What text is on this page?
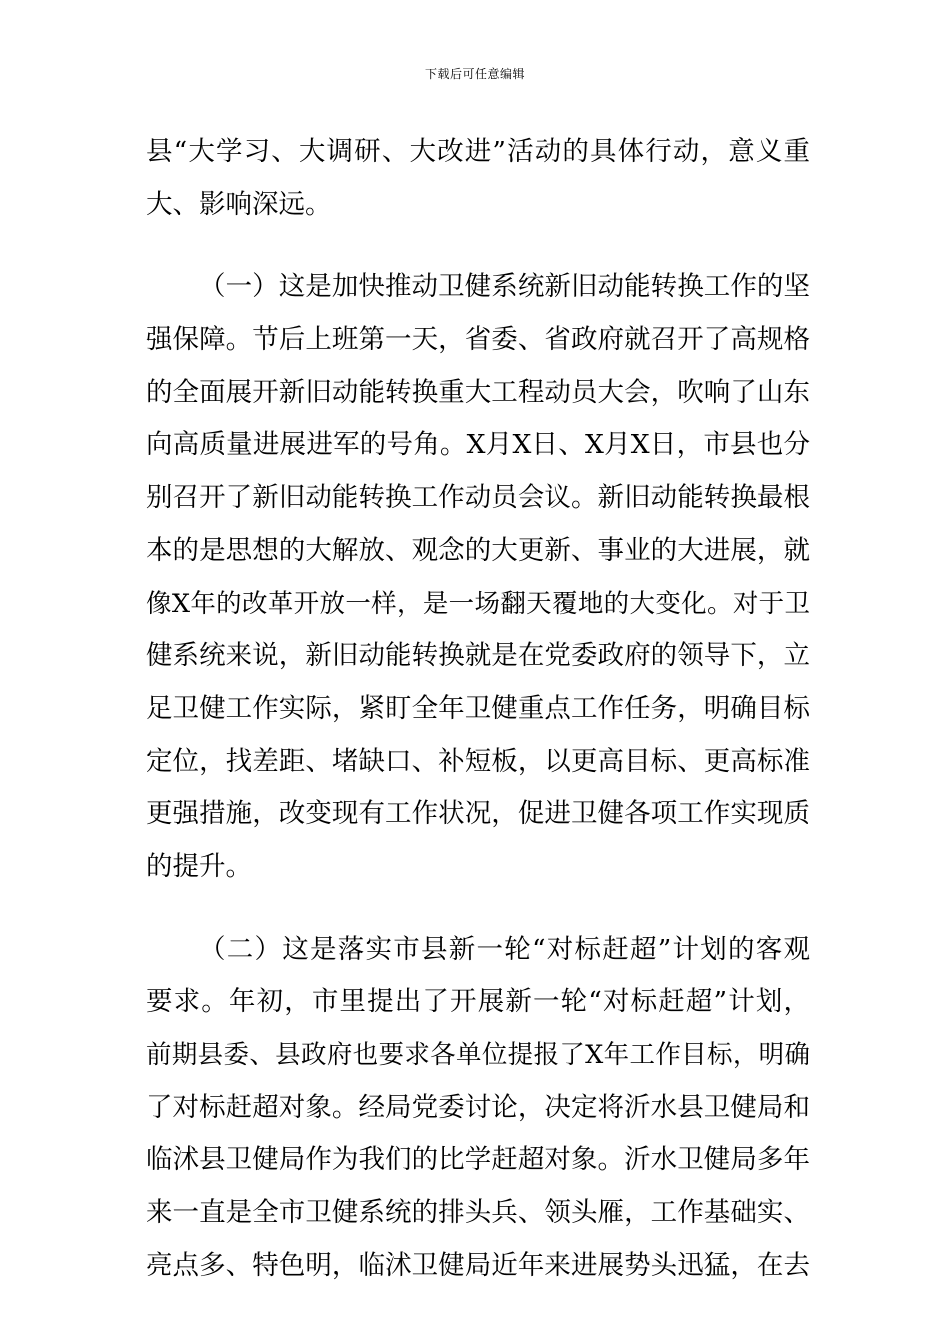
下载后可任意编辑
县“大学习、大调研、大改进”活动的具体行动，意义重
大、影响深远。
（一）这是加快推动卫健系统新旧动能转换工作的坚
强保障。节后上班第一天，省委、省政府就召开了高规格
的全面展开新旧动能转换重大工程动员大会，吹响了山东
向高质量进展进军的号角。X月X日、X月X日，市县也分
别召开了新旧动能转换工作动员会议。新旧动能转换最根
本的是思想的大解放、观念的大更新、事业的大进展，就
像X年的改革开放一样，是一场翻天覆地的大变化。对于卫
健系统来说，新旧动能转换就是在党委政府的领导下，立
足卫健工作实际，紧盯全年卫健重点工作任务，明确目标
定位，找差距、堵缺口、补短板，以更高目标、更高标准
更强措施，改变现有工作状况，促进卫健各项工作实现质
的提升。
（二）这是落实市县新一轮“对标赶超”计划的客观
要求。年初，市里提出了开展新一轮“对标赶超”计划，
前期县委、县政府也要求各单位提报了X年工作目标，明确
了对标赶超对象。经局党委讨论，决定将沂水县卫健局和
临沭县卫健局作为我们的比学赶超对象。沂水卫健局多年
来一直是全市卫健系统的排头兵、领头雁，工作基础实、
亮点多、特色明，临沭卫健局近年来进展势头迅猛，在去
